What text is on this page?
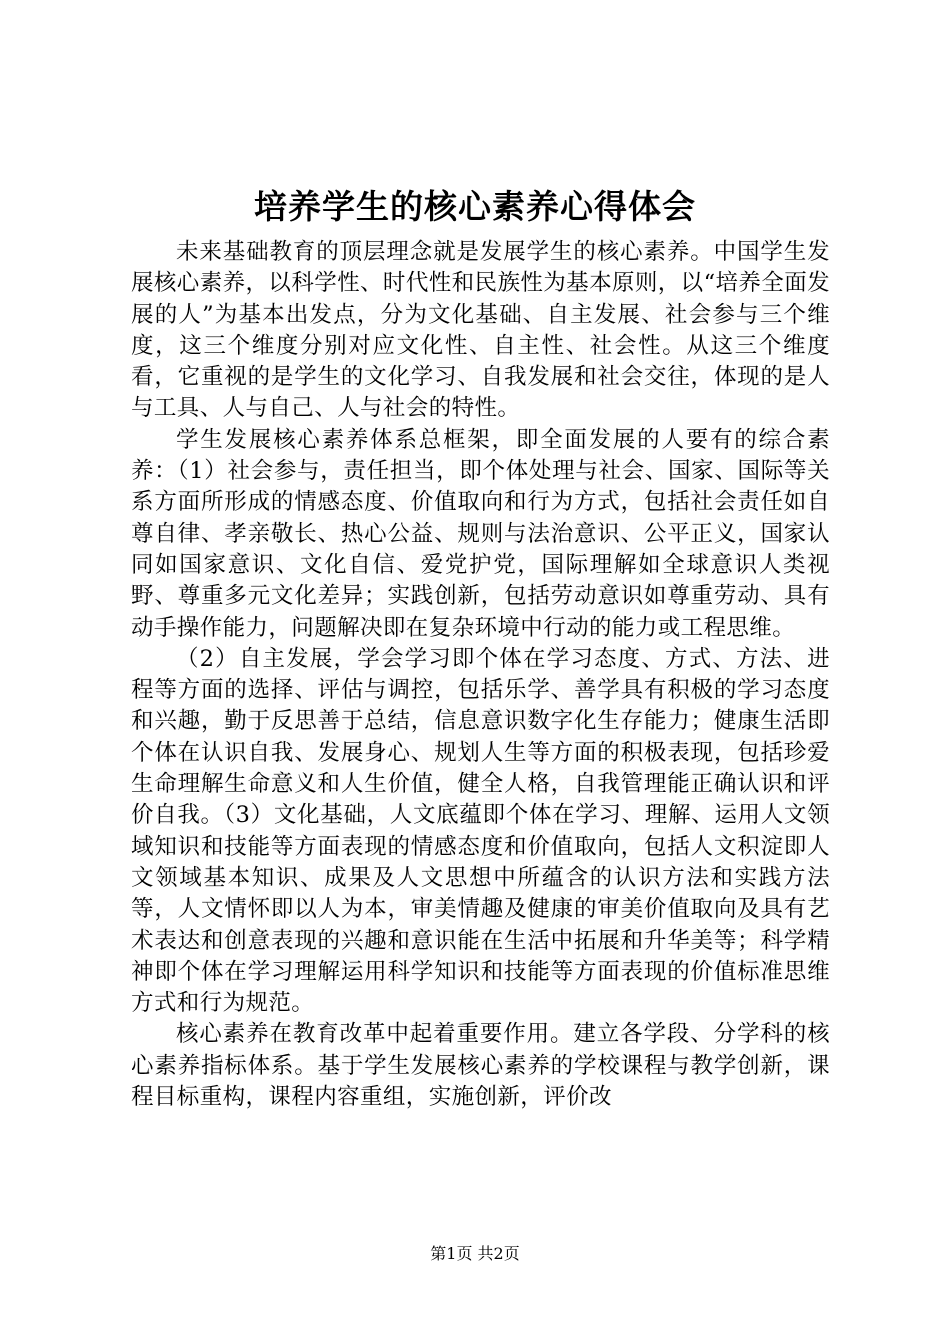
培养学生的核心素养心得体会

未来基础教育的顶层理念就是发展学生的核心素养。中国学生发展核心素养，以科学性、时代性和民族性为基本原则，以“培养全面发展的人”为基本出发点，分为文化基础、自主发展、社会参与三个维度，这三个维度分别对应文化性、自主性、社会性。从这三个维度看，它重视的是学生的文化学习、自我发展和社会交往，体现的是人与工具、人与自己、人与社会的特性。

学生发展核心素养体系总框架，即全面发展的人要有的综合素养：（1）社会参与，责任担当，即个体处理与社会、国家、国际等关系方面所形成的情感态度、价值取向和行为方式，包括社会责任如自尊自律、孝亲敬长、热心公益、规则与法治意识、公平正义，国家认同如国家意识、文化自信、爱党护党，国际理解如全球意识人类视野、尊重多元文化差异；实践创新，包括劳动意识如尊重劳动、具有动手操作能力，问题解决即在复杂环境中行动的能力或工程思维。

（2）自主发展，学会学习即个体在学习态度、方式、方法、进程等方面的选择、评估与调控，包括乐学、善学具有积极的学习态度和兴趣，勤于反思善于总结，信息意识数字化生存能力；健康生活即个体在认识自我、发展身心、规划人生等方面的积极表现，包括珍爱生命理解生命意义和人生价值，健全人格，自我管理能正确认识和评价自我。（3）文化基础，人文底蕴即个体在学习、理解、运用人文领域知识和技能等方面表现的情感态度和价值取向，包括人文积淀即人文领域基本知识、成果及人文思想中所蕴含的认识方法和实践方法等，人文情怀即以人为本，审美情趣及健康的审美价值取向及具有艺术表达和创意表现的兴趣和意识能在生活中拓展和升华美等；科学精神即个体在学习理解运用科学知识和技能等方面表现的价值标准思维方式和行为规范。

核心素养在教育改革中起着重要作用。建立各学段、分学科的核心素养指标体系。基于学生发展核心素养的学校课程与教学创新，课程目标重构，课程内容重组，实施创新，评价改

第1页 共2页
